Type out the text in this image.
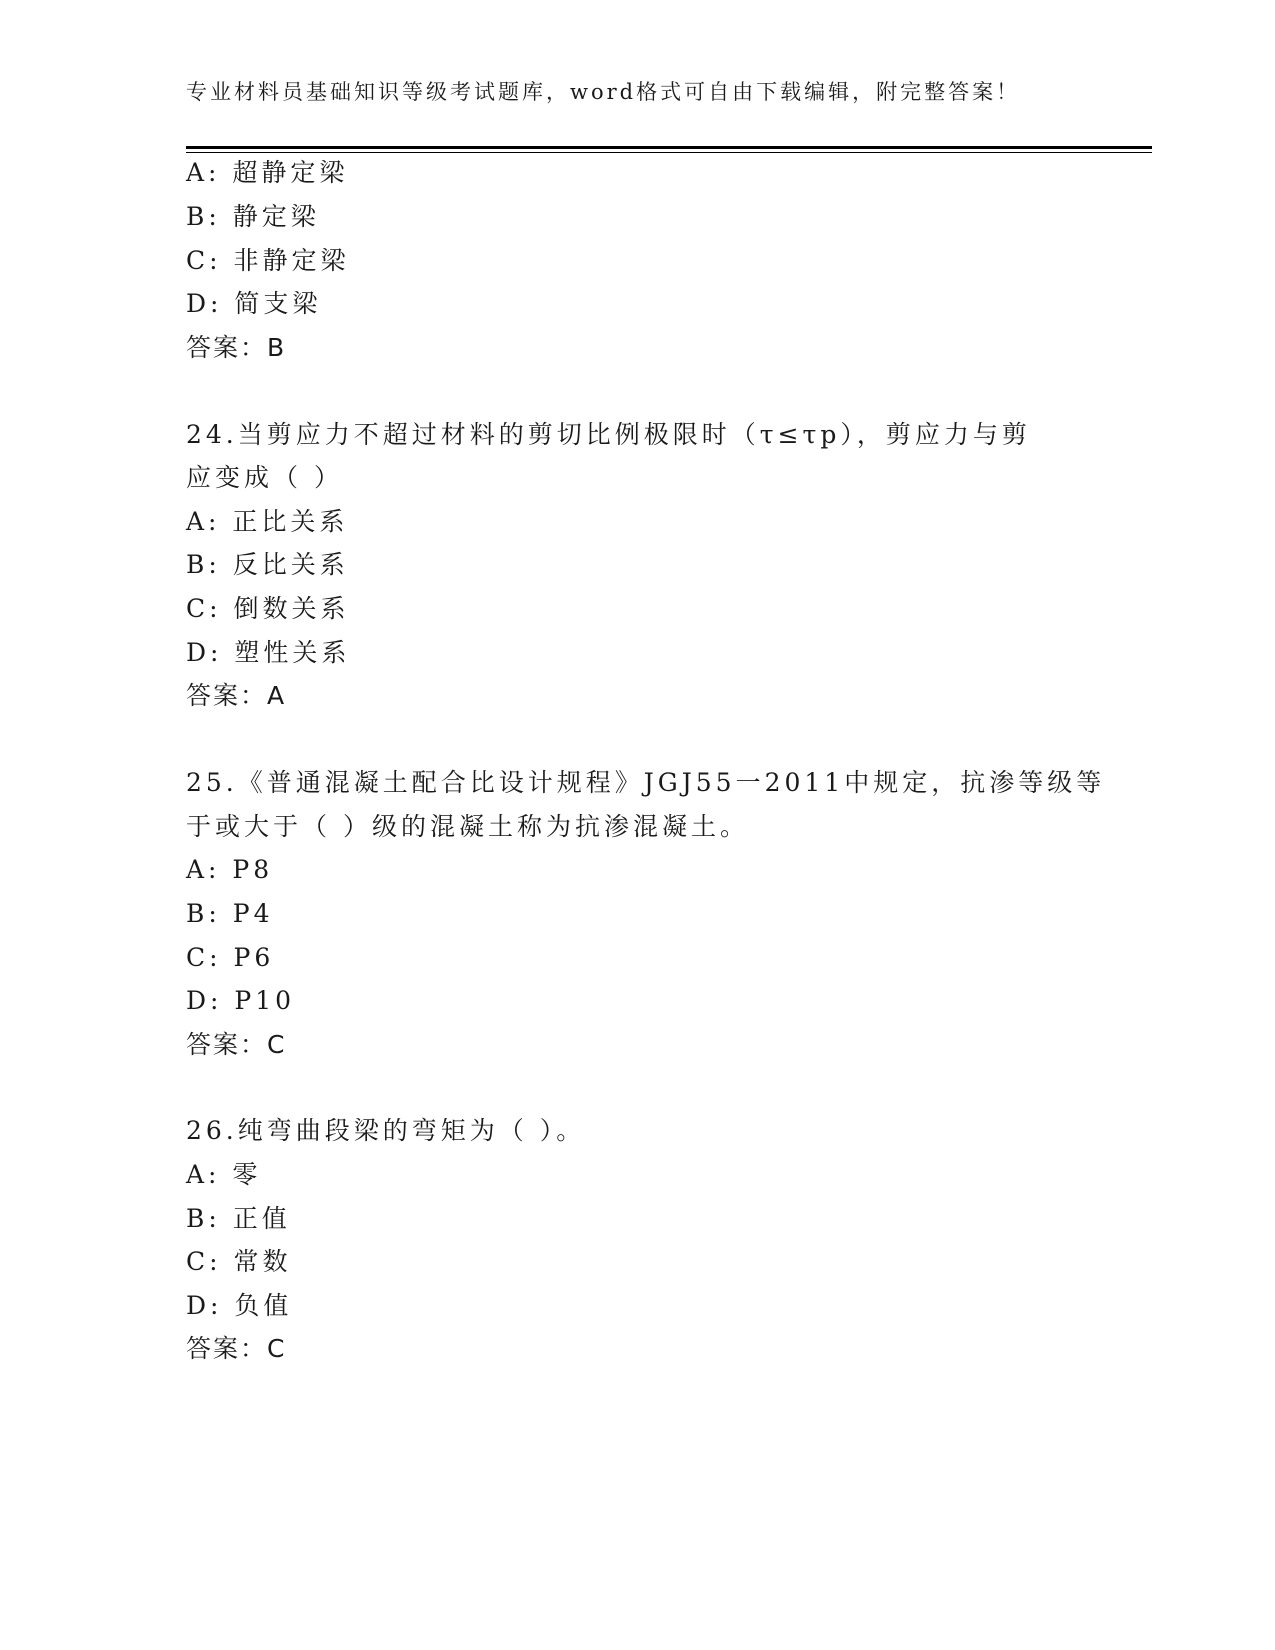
专业材料员基础知识等级考试题库，word格式可自由下载编辑，附完整答案！
A: 超静定梁
B: 静定梁
C: 非静定梁
D: 简支梁
答案：B
24.当剪应力不超过材料的剪切比例极限时（τ≤τp），剪应力与剪
应变成（ ）
A: 正比关系
B: 反比关系
C: 倒数关系
D: 塑性关系
答案：A
25.《普通混凝土配合比设计规程》JGJ55一2011中规定，抗渗等级等
于或大于（ ）级的混凝土称为抗渗混凝土。
A: P8
B: P4
C: P6
D: P10
答案：C
26.纯弯曲段梁的弯矩为（ ）。
A: 零
B: 正值
C: 常数
D: 负值
答案：C
